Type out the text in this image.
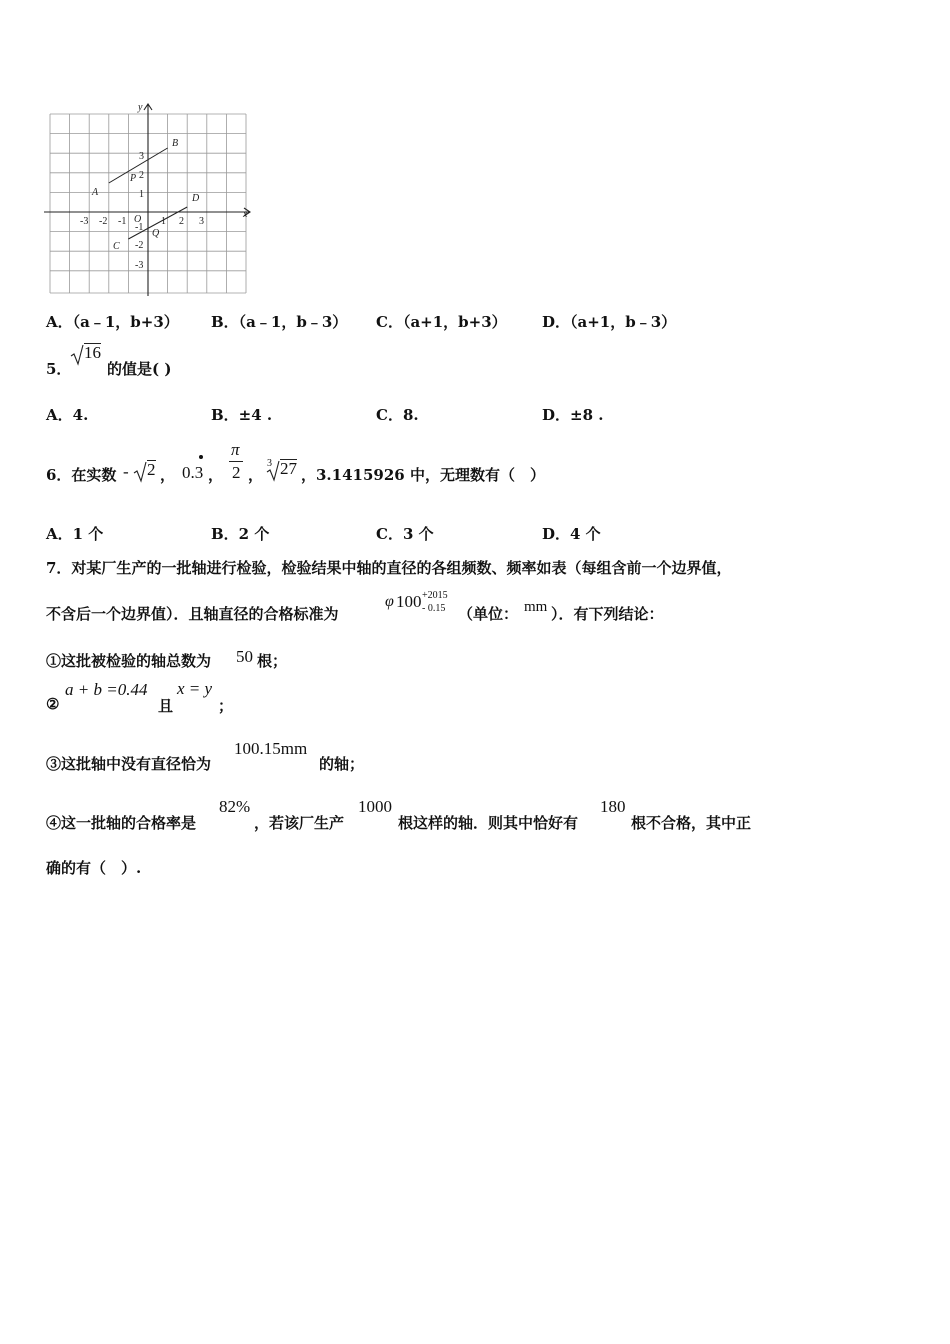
x
y
A
B
C
D
P
Q
O
-3 -2 -1	1 2 3
3
2
1
-1
-2
-3
A．（a﹣1，b+3） B．（a﹣1，b﹣3） C．（a+1，b+3） D．（a+1，b﹣3）
5．
16
的值是( )
A．4.	B．±4 .	C．8.	D．±8 .
6．在实数 - 2 ， 0.3 ，
π
2 ，
3 27 ，3.1415926 中，无理数有（　）
A．1 个	B．2 个	C．3 个	D．4 个
7．对某厂生产的一批轴进行检验，检验结果中轴的直径的各组频数、频率如表（每组含前一个边界值，
不含后一个边界值）．且轴直径的合格标准为
φ 100 +2015
- 0.15 （单位： mm ）．有下列结论：
①这批被检验的轴总数为 50 根；
②
a + b =0.44
且
x = y
；
③这批轴中没有直径恰为
100.15mm
的轴；
④这一批轴的合格率是
82%
，若该厂生产
1000
根这样的轴．则其中恰好有
180
根不合格，其中正
确的有（　）.
